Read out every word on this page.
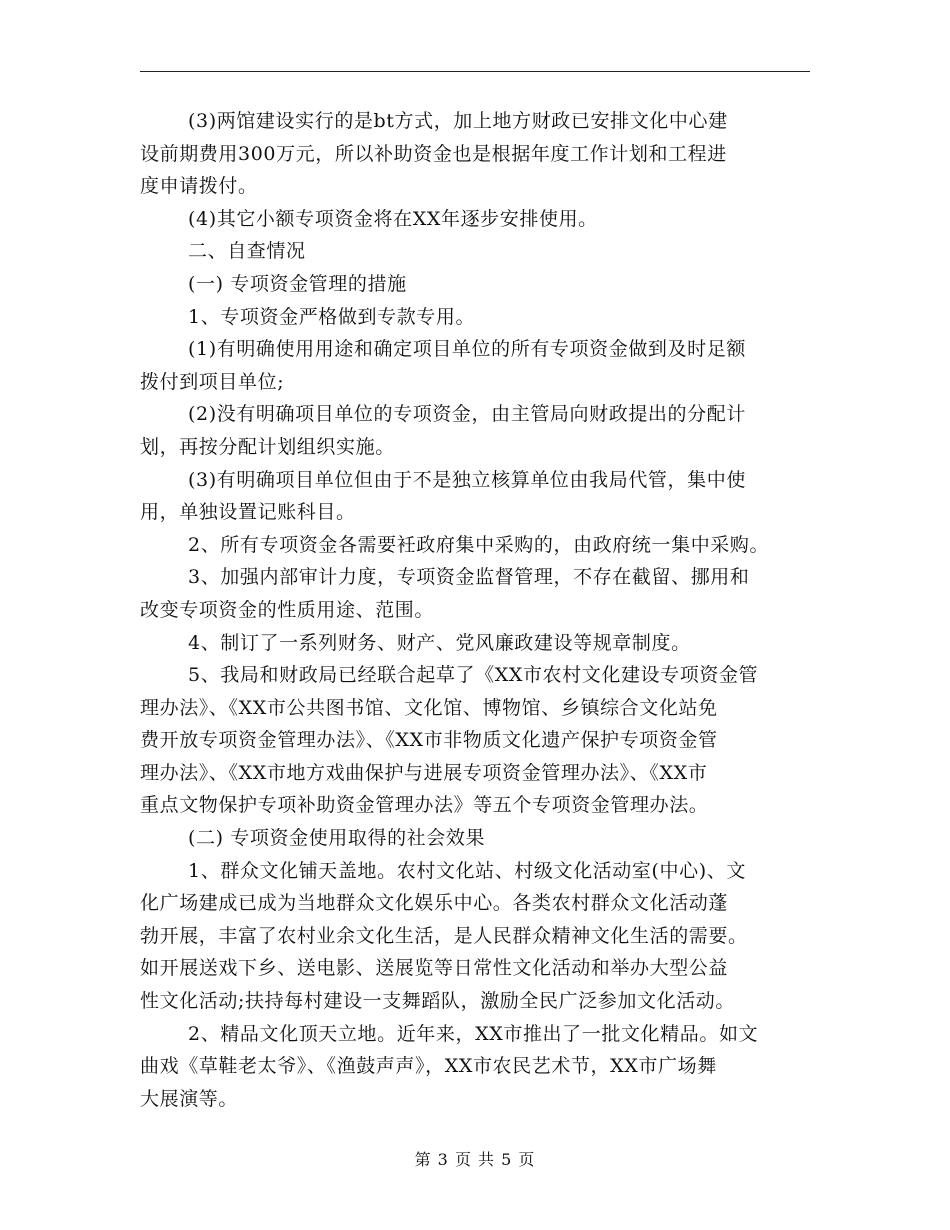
(3)两馆建设实行的是bt方式，加上地方财政已安排文化中心建
设前期费用300万元，所以补助资金也是根据年度工作计划和工程进
度申请拨付。
(4)其它小额专项资金将在XX年逐步安排使用。
二、自查情况
(一) 专项资金管理的措施
1、专项资金严格做到专款专用。
(1)有明确使用用途和确定项目单位的所有专项资金做到及时足额
拨付到项目单位;
(2)没有明确项目单位的专项资金，由主管局向财政提出的分配计
划，再按分配计划组织实施。
(3)有明确项目单位但由于不是独立核算单位由我局代管，集中使
用，单独设置记账科目。
2、所有专项资金各需要衽政府集中采购的，由政府统一集中采购。
3、加强内部审计力度，专项资金监督管理，不存在截留、挪用和
改变专项资金的性质用途、范围。
4、制订了一系列财务、财产、党风廉政建设等规章制度。
5、我局和财政局已经联合起草了《XX市农村文化建设专项资金管
理办法》、《XX市公共图书馆、文化馆、博物馆、乡镇综合文化站免
费开放专项资金管理办法》、《XX市非物质文化遗产保护专项资金管
理办法》、《XX市地方戏曲保护与进展专项资金管理办法》、《XX市
重点文物保护专项补助资金管理办法》等五个专项资金管理办法。
(二) 专项资金使用取得的社会效果
1、群众文化铺天盖地。农村文化站、村级文化活动室(中心)、文
化广场建成已成为当地群众文化娱乐中心。各类农村群众文化活动蓬
勃开展，丰富了农村业余文化生活，是人民群众精神文化生活的需要。
如开展送戏下乡、送电影、送展览等日常性文化活动和举办大型公益
性文化活动;扶持每村建设一支舞蹈队，激励全民广泛参加文化活动。
2、精品文化顶天立地。近年来，XX市推出了一批文化精品。如文
曲戏《草鞋老太爷》、《渔鼓声声》，XX市农民艺术节，XX市广场舞
大展演等。
第 3 页 共 5 页
